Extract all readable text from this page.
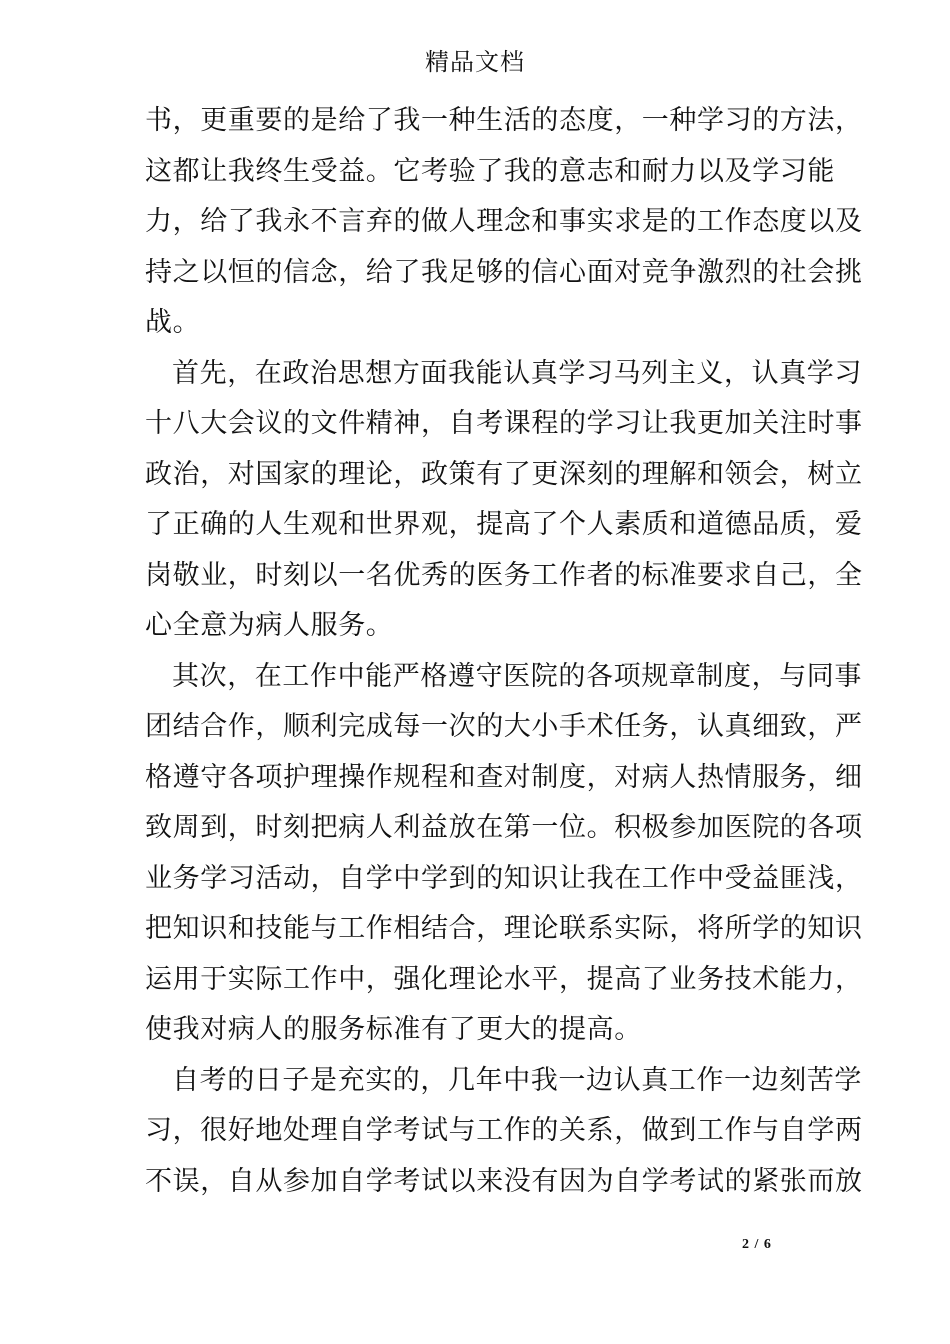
精品文档
书，更重要的是给了我一种生活的态度，一种学习的方法，
这都让我终生受益。它考验了我的意志和耐力以及学习能
力，给了我永不言弃的做人理念和事实求是的工作态度以及
持之以恒的信念，给了我足够的信心面对竞争激烈的社会挑
战。
首先，在政治思想方面我能认真学习马列主义，认真学习
十八大会议的文件精神，自考课程的学习让我更加关注时事
政治，对国家的理论，政策有了更深刻的理解和领会，树立
了正确的人生观和世界观，提高了个人素质和道德品质，爱
岗敬业，时刻以一名优秀的医务工作者的标准要求自己，全
心全意为病人服务。
其次，在工作中能严格遵守医院的各项规章制度，与同事
团结合作，顺利完成每一次的大小手术任务，认真细致，严
格遵守各项护理操作规程和查对制度，对病人热情服务，细
致周到，时刻把病人利益放在第一位。积极参加医院的各项
业务学习活动，自学中学到的知识让我在工作中受益匪浅，
把知识和技能与工作相结合，理论联系实际，将所学的知识
运用于实际工作中，强化理论水平，提高了业务技术能力，
使我对病人的服务标准有了更大的提高。
自考的日子是充实的，几年中我一边认真工作一边刻苦学
习，很好地处理自学考试与工作的关系，做到工作与自学两
不误，自从参加自学考试以来没有因为自学考试的紧张而放
2 / 6
